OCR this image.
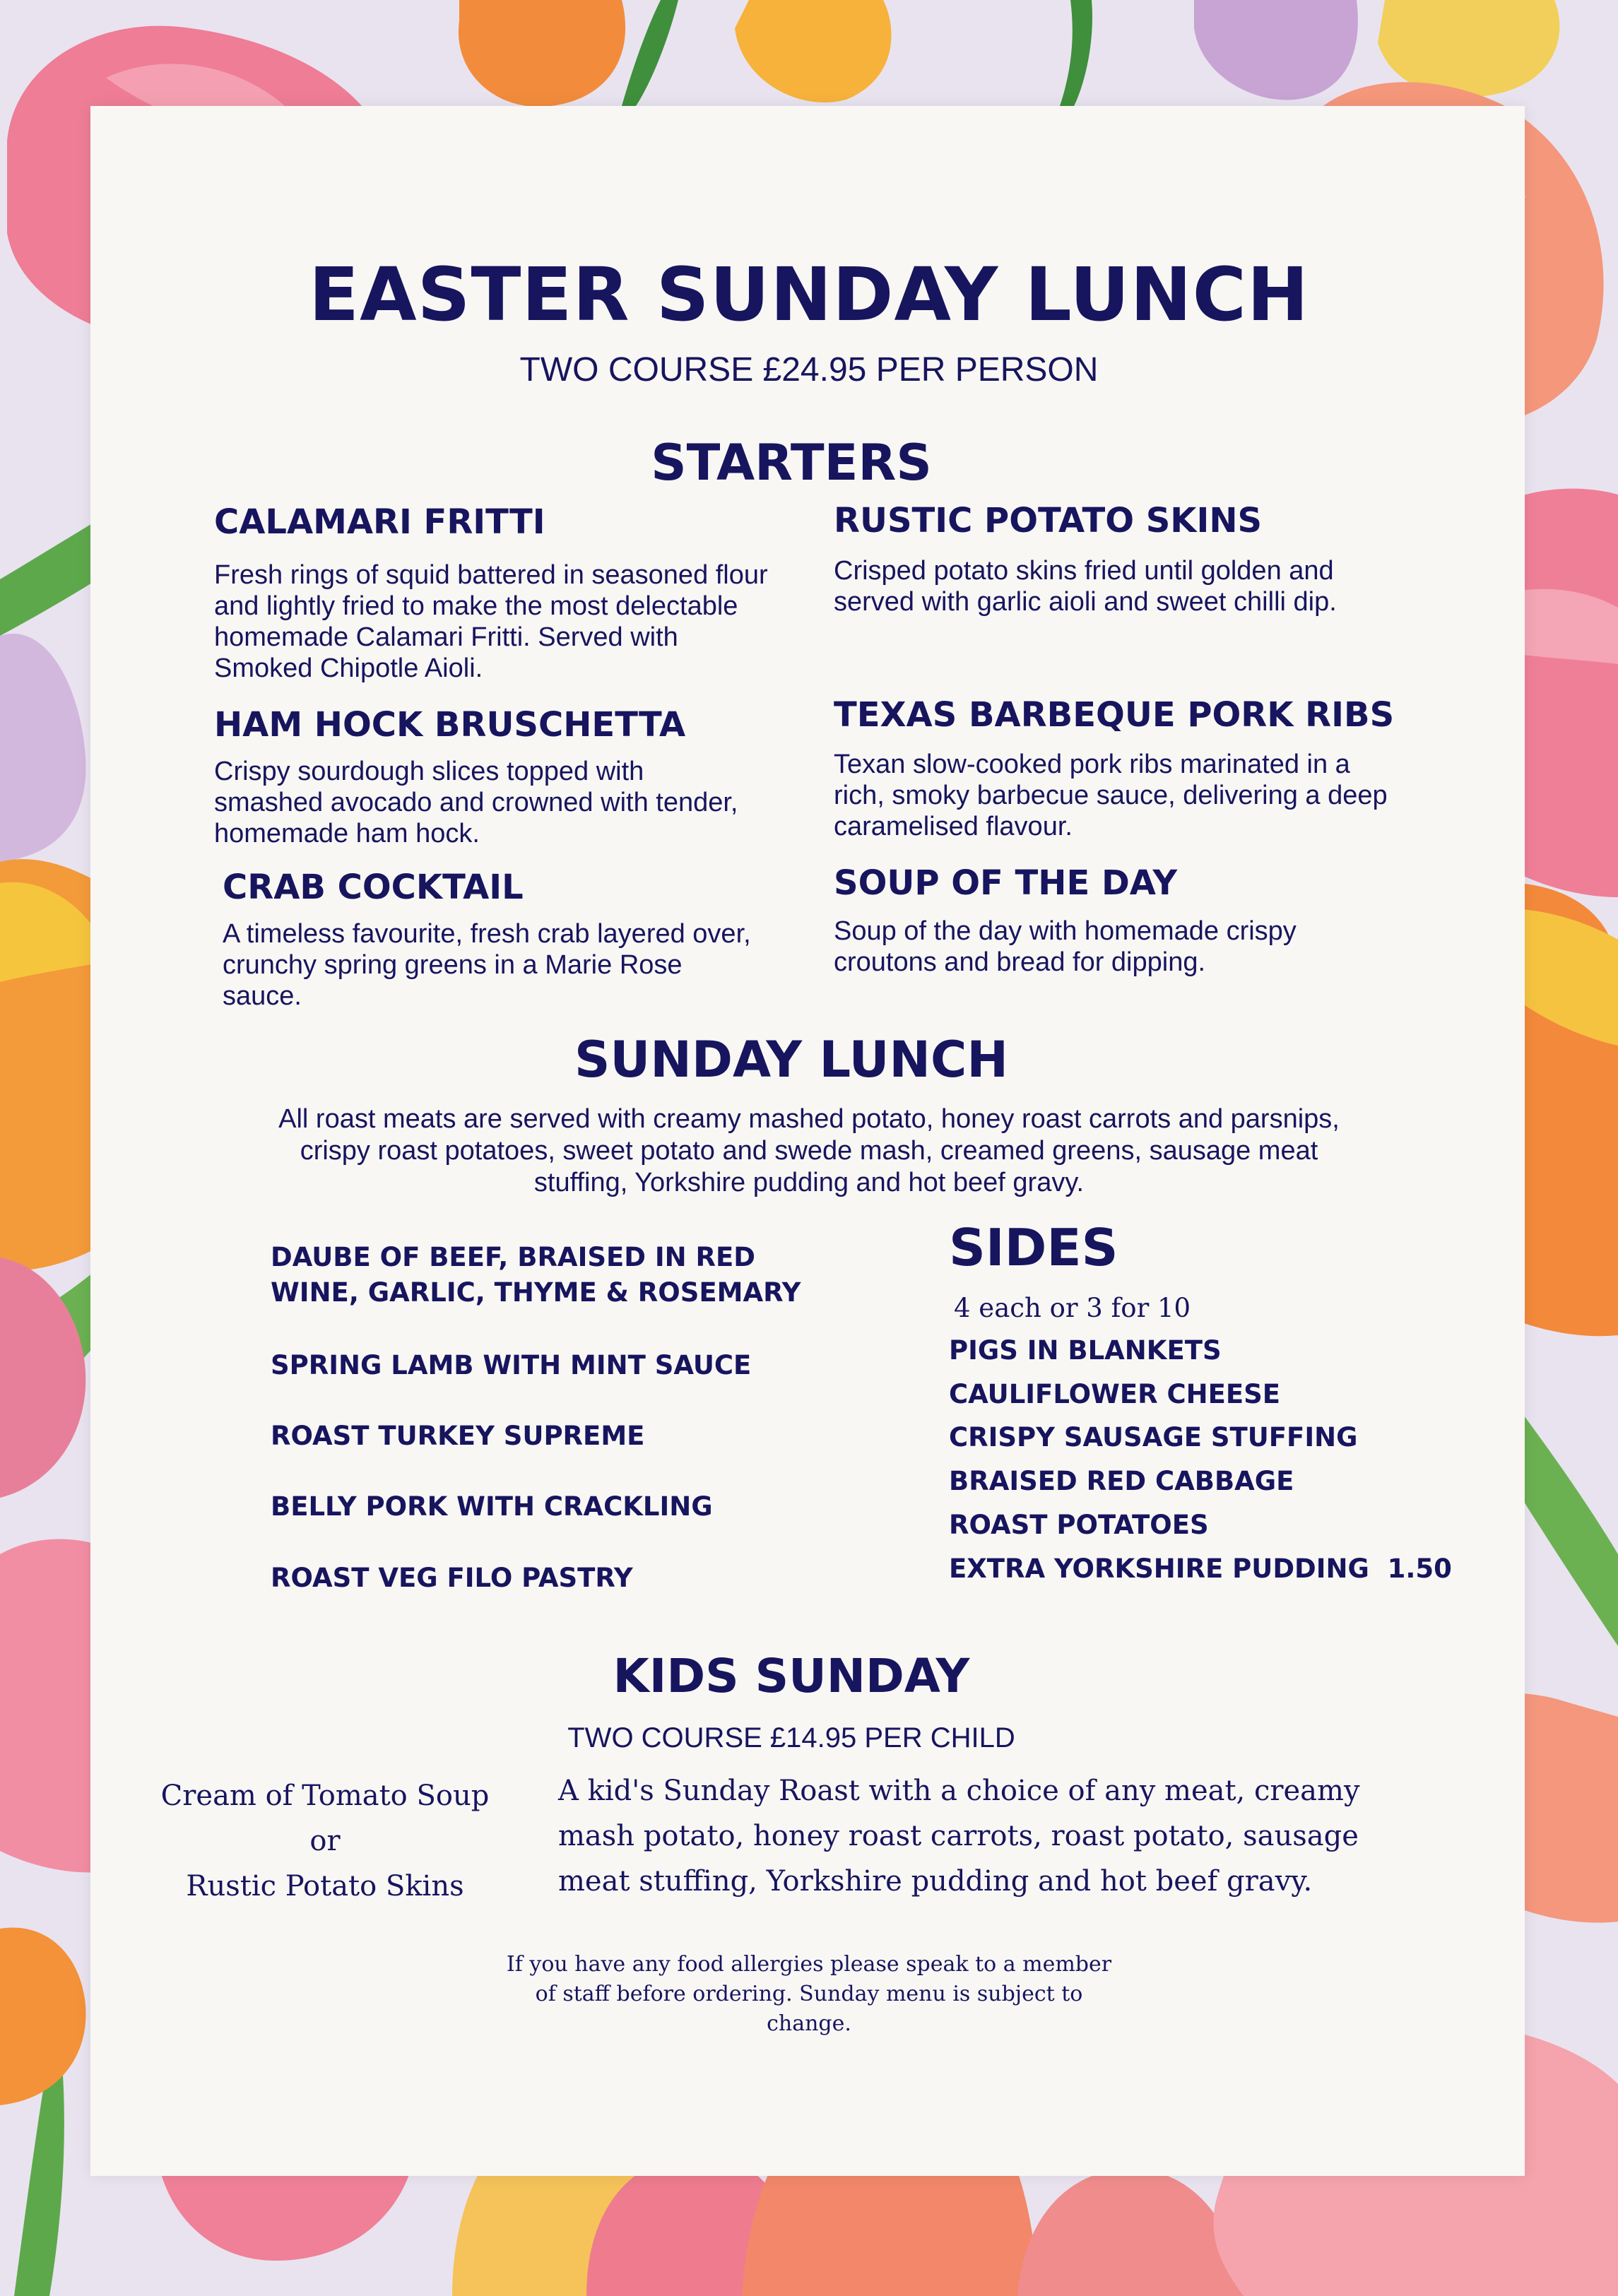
EASTER SUNDAY LUNCH
TWO COURSE £24.95 PER PERSON
STARTERS
CALAMARI FRITTI
Fresh rings of squid battered in seasoned flour and lightly fried to make the most delectable homemade Calamari Fritti. Served with Smoked Chipotle Aioli.
RUSTIC POTATO SKINS
Crisped potato skins fried until golden and served with garlic aioli and sweet chilli dip.
HAM HOCK BRUSCHETTA
Crispy sourdough slices topped with smashed avocado and crowned with tender, homemade ham hock.
TEXAS BARBEQUE PORK RIBS
Texan slow-cooked pork ribs marinated in a rich, smoky barbecue sauce, delivering a deep caramelised flavour.
CRAB COCKTAIL
A timeless favourite, fresh crab layered over, crunchy spring greens in a Marie Rose sauce.
SOUP OF THE DAY
Soup of the day with homemade crispy croutons and bread for dipping.
SUNDAY LUNCH
All roast meats are served with creamy mashed potato, honey roast carrots and parsnips, crispy roast potatoes, sweet potato and swede mash, creamed greens, sausage meat stuffing, Yorkshire pudding and hot beef gravy.
DAUBE OF BEEF, BRAISED IN RED WINE, GARLIC, THYME & ROSEMARY
SPRING LAMB WITH MINT SAUCE
ROAST TURKEY SUPREME
BELLY PORK WITH CRACKLING
ROAST VEG FILO PASTRY
SIDES
4 each or 3 for 10
PIGS IN BLANKETS
CAULIFLOWER CHEESE
CRISPY SAUSAGE STUFFING
BRAISED RED CABBAGE
ROAST POTATOES
EXTRA YORKSHIRE PUDDING  1.50
KIDS SUNDAY
TWO COURSE £14.95 PER CHILD
Cream of Tomato Soup
or
Rustic Potato Skins
A kid's Sunday Roast with a choice of any meat, creamy mash potato, honey roast carrots, roast potato, sausage meat stuffing, Yorkshire pudding and hot beef gravy.
If you have any food allergies please speak to a member of staff before ordering. Sunday menu is subject to change.
